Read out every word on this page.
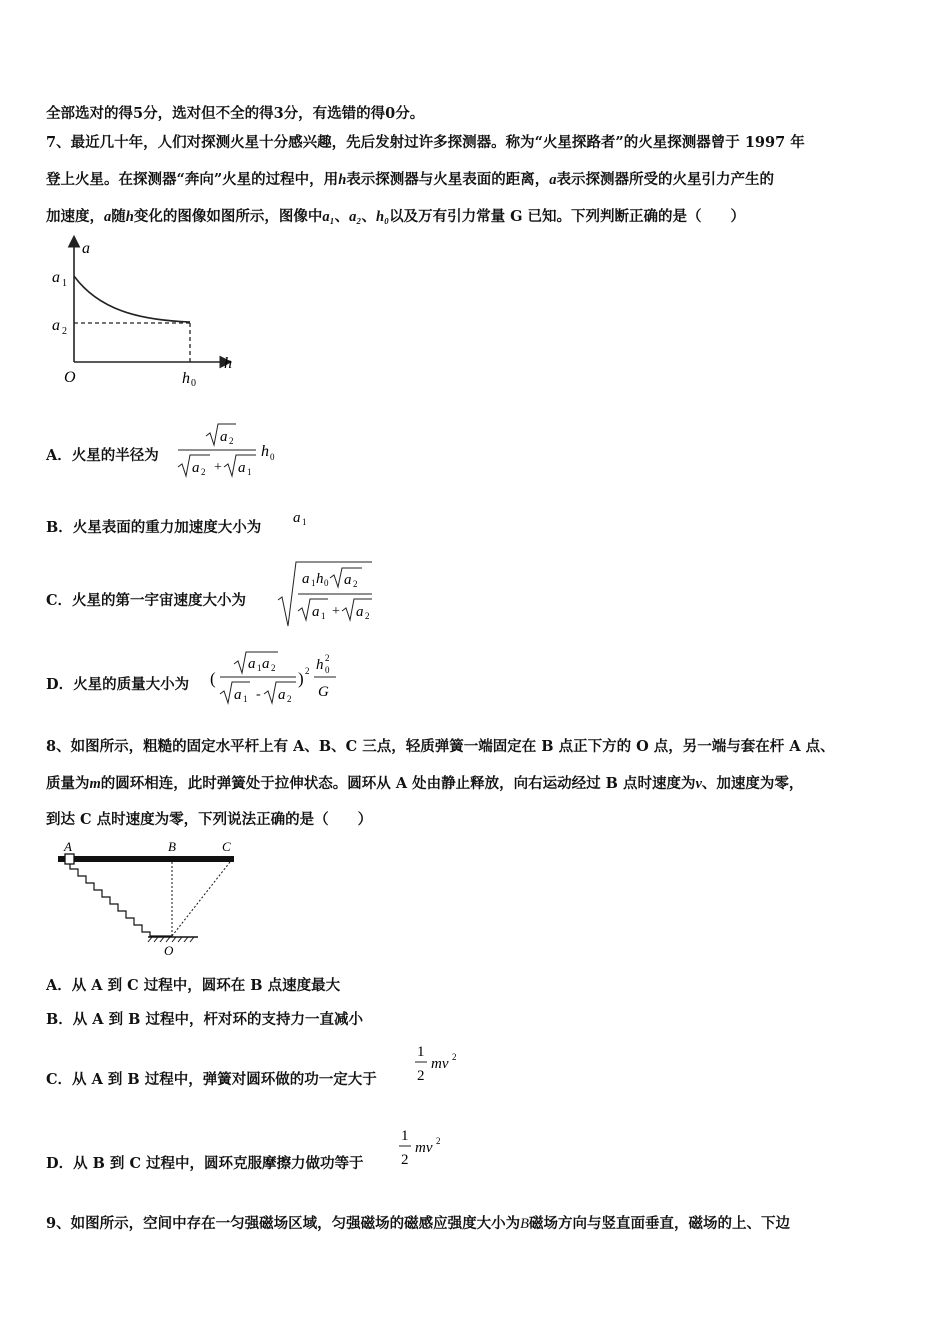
全部选对的得5分，选对但不全的得3分，有选错的得0分。
7、最近几十年，人们对探测火星十分感兴趣，先后发射过许多探测器。称为“火星探路者”的火星探测器曾于 1997 年
登上火星。在探测器“奔向”火星的过程中，用h表示探测器与火星表面的距离，a表示探测器所受的火星引力产生的
加速度，a随h变化的图像如图所示，图像中a₁、a₂、h₀以及万有引力常量 G 已知。下列判断正确的是（　　）
a
h
O
a 1
a 2
h 0
A．火星的半径为
a 2
a 2 + a 1
h 0
B．火星表面的重力加速度大小为
a 1
C．火星的第一宇宙速度大小为
a 1 h 0 a 2
a 1 + a 2
D．火星的质量大小为 (
a 1 a 2
a 1 - a 2
) 2 h 0
2
G
8、如图所示，粗糙的固定水平杆上有 A、B、C 三点，轻质弹簧一端固定在 B 点正下方的 O 点，另一端与套在杆 A 点、
质量为m的圆环相连，此时弹簧处于拉伸状态。圆环从 A 处由静止释放，向右运动经过 B 点时速度为v、加速度为零，
到达 C 点时速度为零，下列说法正确的是（　　）
A	B	C
O
A．从 A 到 C 过程中，圆环在 B 点速度最大
B．从 A 到 B 过程中，杆对环的支持力一直减小
C．从 A 到 B 过程中，弹簧对圆环做的功一定大于
1
2
mv 2
D．从 B 到 C 过程中，圆环克服摩擦力做功等于
1
2
mv 2
9、如图所示，空间中存在一匀强磁场区域，匀强磁场的磁感应强度大小为B磁场方向与竖直面垂直，磁场的上、下边
